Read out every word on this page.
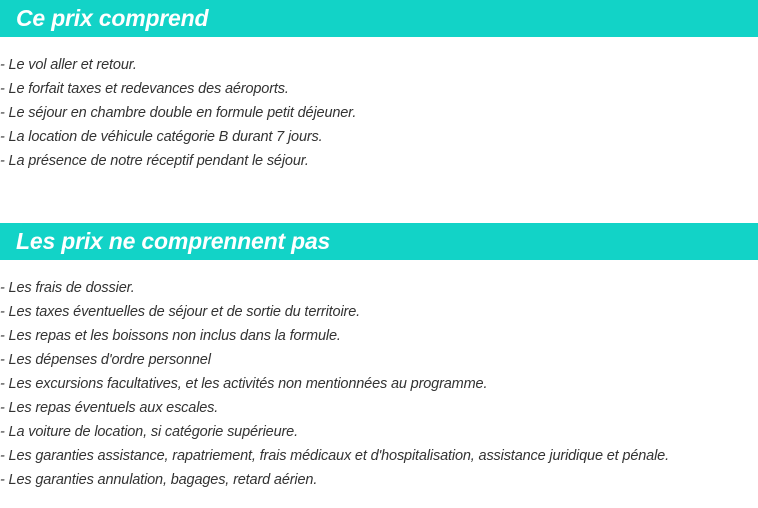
Ce prix comprend
- Le vol aller et retour.
- Le forfait taxes et redevances des aéroports.
- Le séjour en chambre double en formule petit déjeuner.
- La location de véhicule catégorie B durant 7 jours.
- La présence de notre réceptif pendant le séjour.
Les prix ne comprennent pas
- Les frais de dossier.
- Les taxes éventuelles de séjour et de sortie du territoire.
- Les repas et les boissons non inclus dans la formule.
- Les dépenses d'ordre personnel
- Les excursions facultatives, et les activités non mentionnées au programme.
- Les repas éventuels aux escales.
- La voiture de location, si catégorie supérieure.
- Les garanties assistance, rapatriement, frais médicaux et d'hospitalisation, assistance juridique et pénale.
- Les garanties annulation, bagages, retard aérien.
